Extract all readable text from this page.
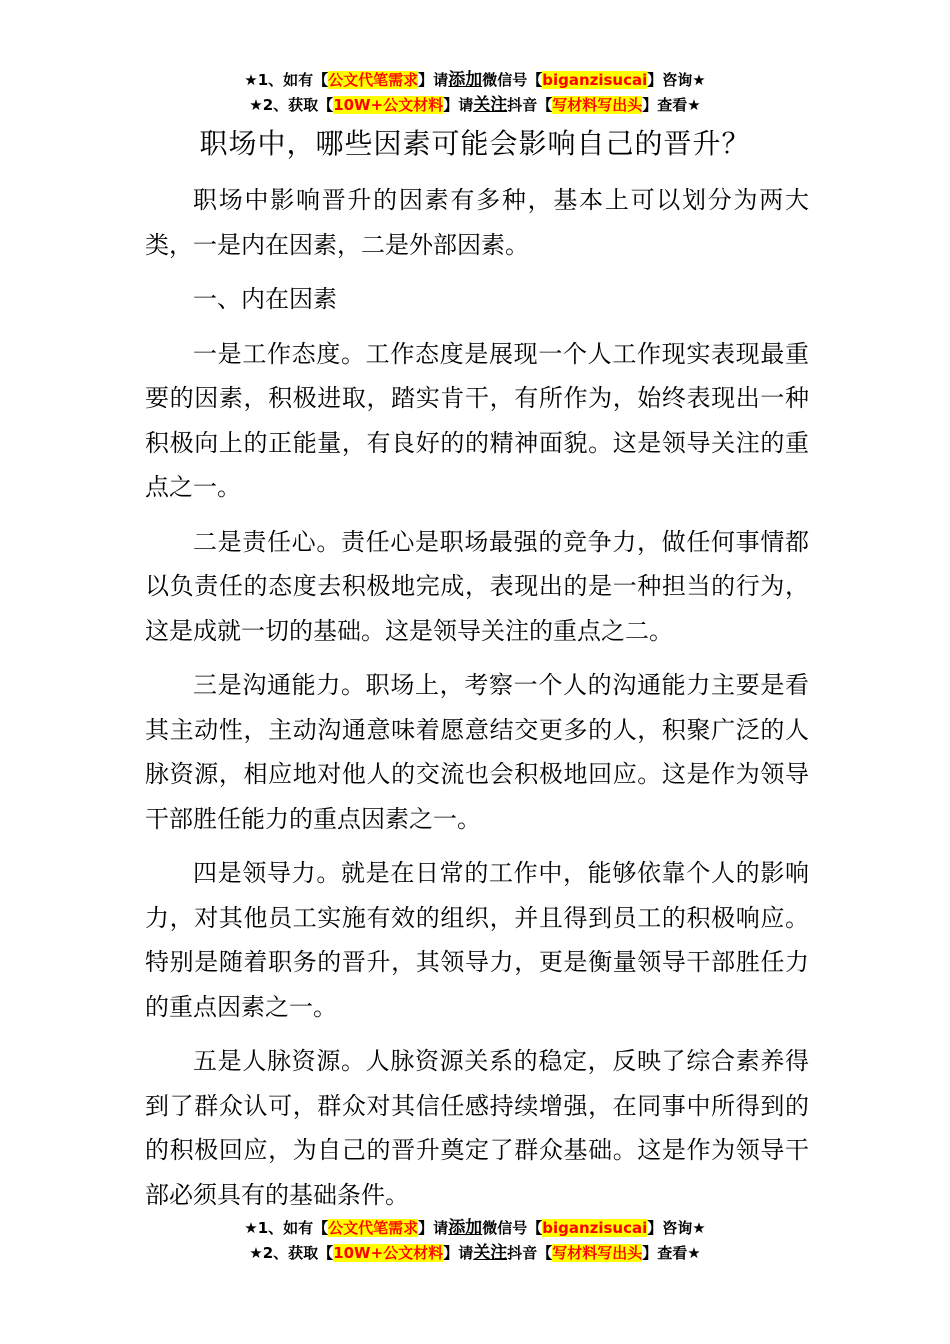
★1、如有【公文代笔需求】请添加微信号【biganzisucai】咨询★
★2、获取【10W+公文材料】请关注抖音【写材料写出头】查看★
职场中，哪些因素可能会影响自己的晋升？

职场中影响晋升的因素有多种，基本上可以划分为两大类，一是内在因素，二是外部因素。

一、内在因素

一是工作态度。工作态度是展现一个人工作现实表现最重要的因素，积极进取，踏实肯干，有所作为，始终表现出一种积极向上的正能量，有良好的的精神面貌。这是领导关注的重点之一。

二是责任心。责任心是职场最强的竞争力，做任何事情都以负责任的态度去积极地完成，表现出的是一种担当的行为，这是成就一切的基础。这是领导关注的重点之二。

三是沟通能力。职场上，考察一个人的沟通能力主要是看其主动性，主动沟通意味着愿意结交更多的人，积聚广泛的人脉资源，相应地对他人的交流也会积极地回应。这是作为领导干部胜任能力的重点因素之一。

四是领导力。就是在日常的工作中，能够依靠个人的影响力，对其他员工实施有效的组织，并且得到员工的积极响应。特别是随着职务的晋升，其领导力，更是衡量领导干部胜任力的重点因素之一。

五是人脉资源。人脉资源关系的稳定，反映了综合素养得到了群众认可，群众对其信任感持续增强，在同事中所得到的的积极回应，为自己的晋升奠定了群众基础。这是作为领导干部必须具有的基础条件。

★1、如有【公文代笔需求】请添加微信号【biganzisucai】咨询★
★2、获取【10W+公文材料】请关注抖音【写材料写出头】查看★
